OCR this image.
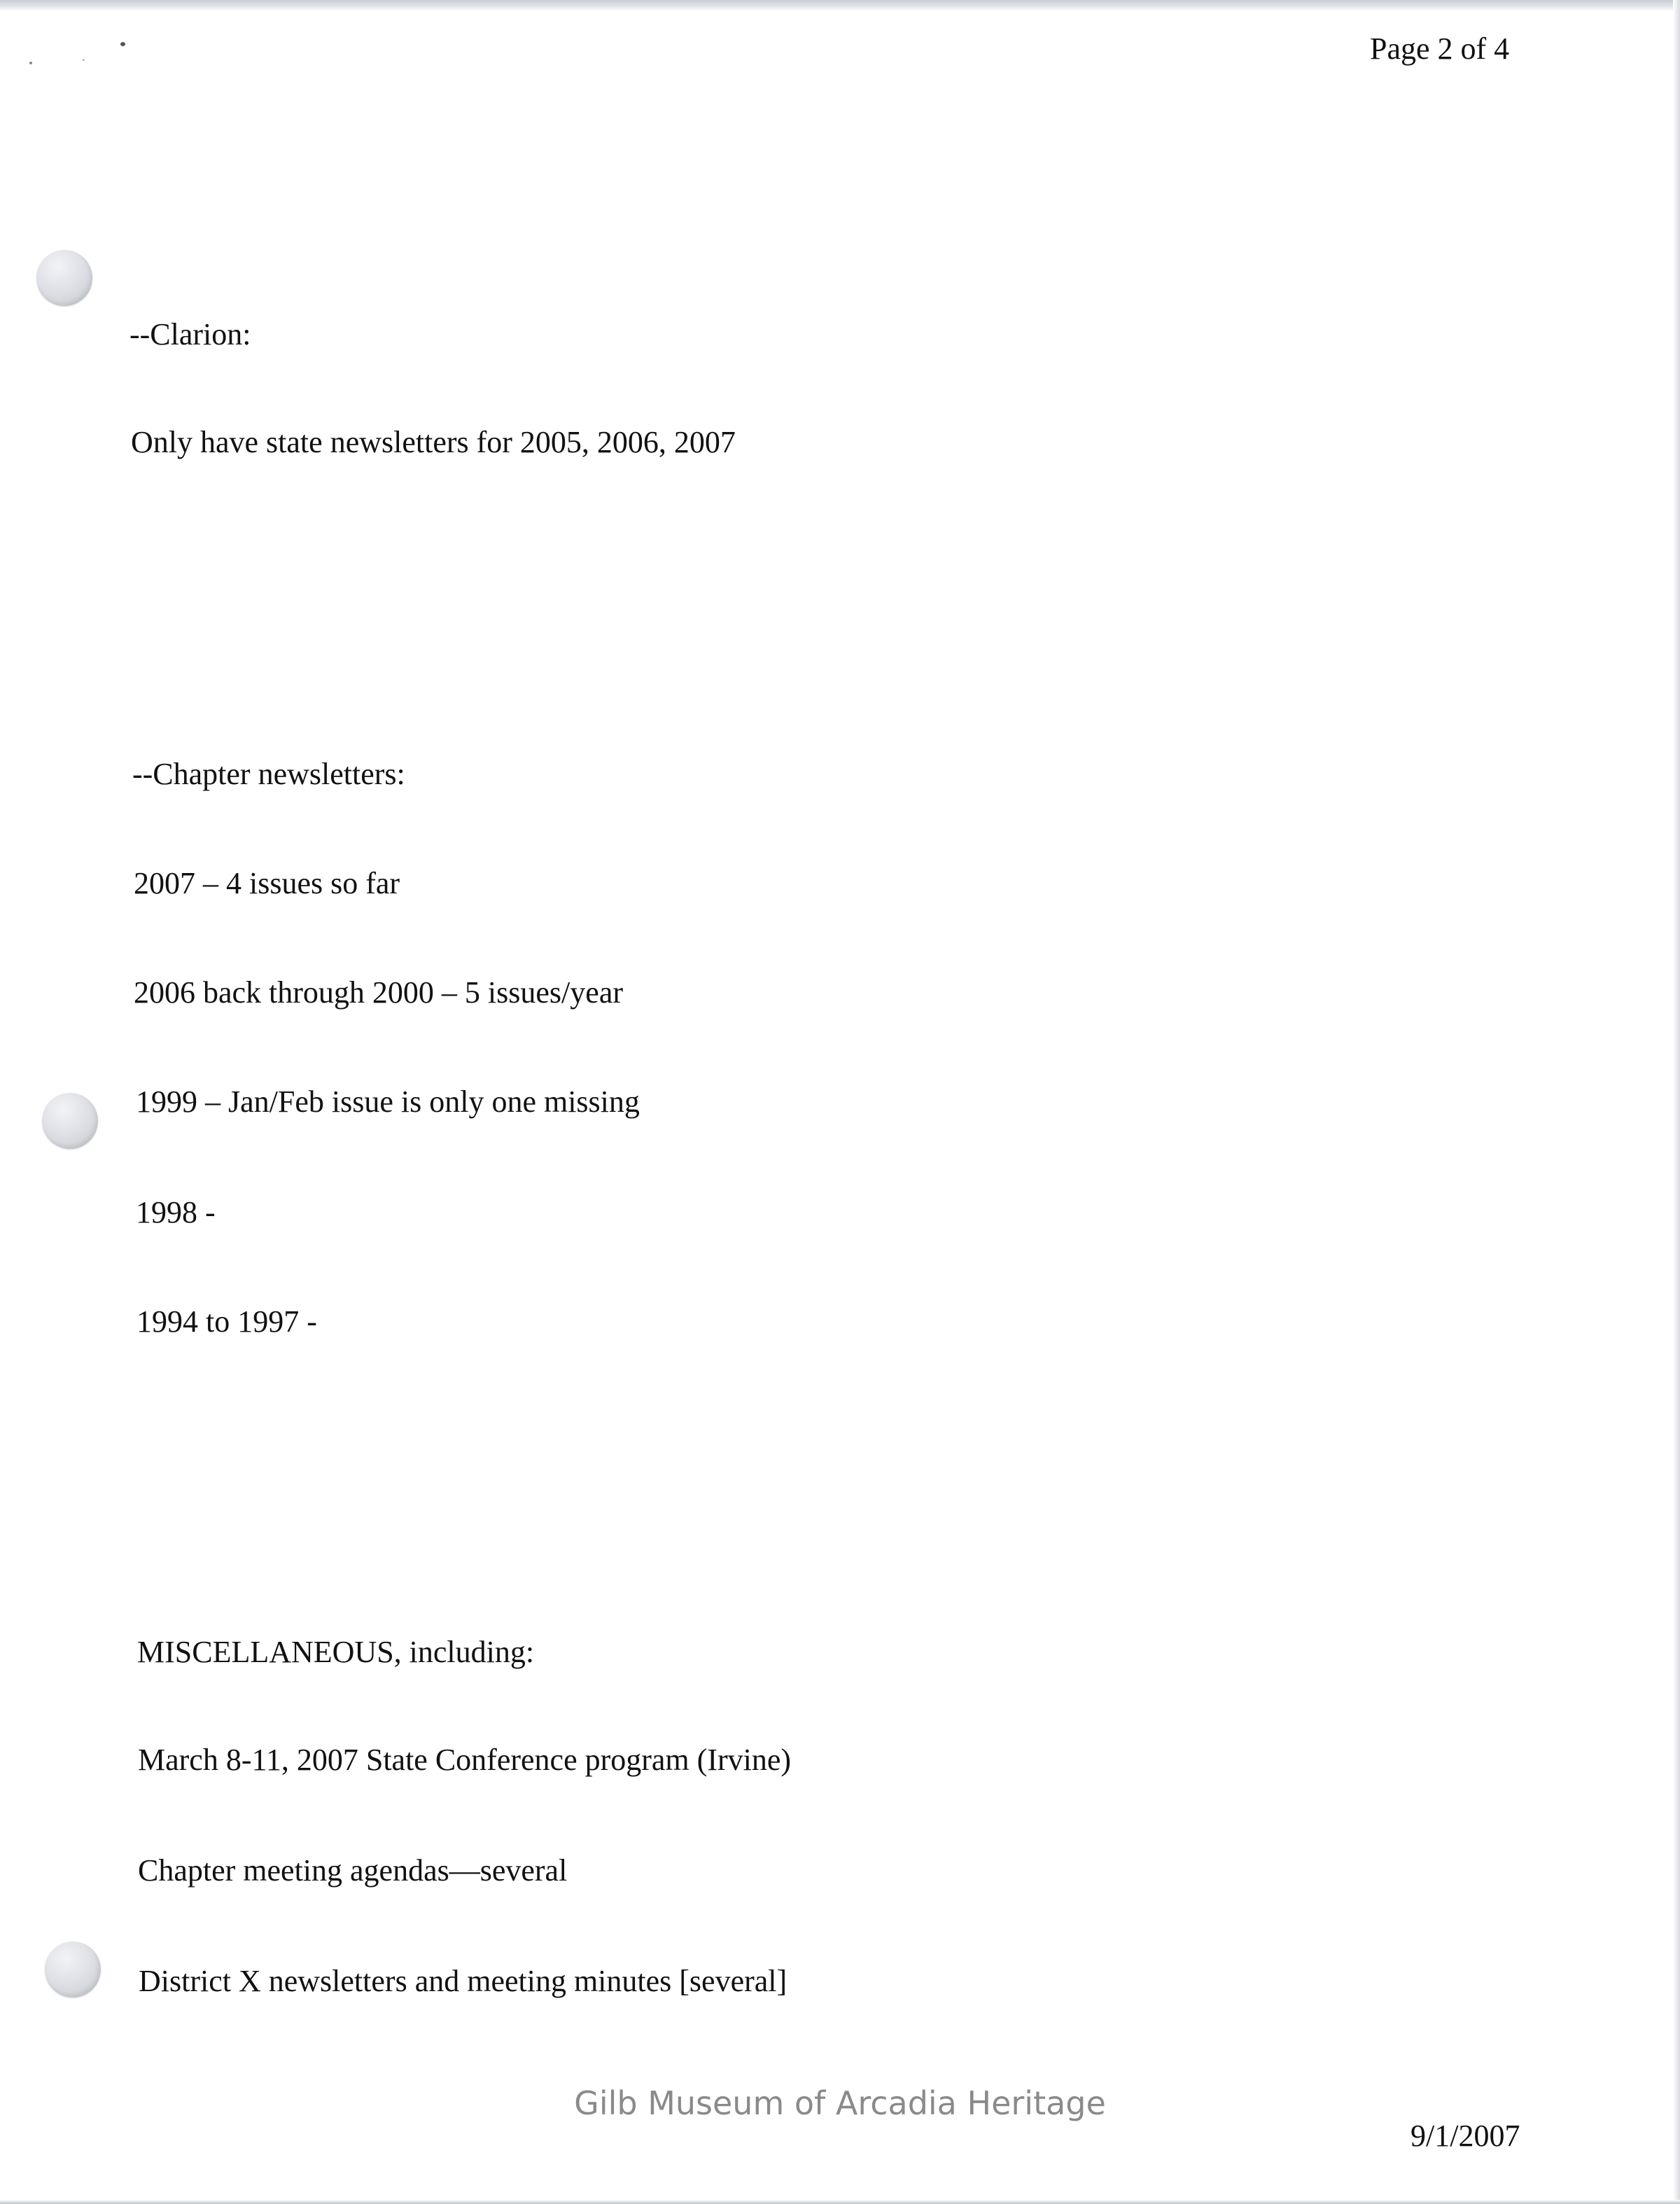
Page 2 of 4
--Clarion:
Only have state newsletters for 2005, 2006, 2007
--Chapter newsletters:
2007 – 4 issues so far
2006 back through 2000 – 5 issues/year
1999 – Jan/Feb issue is only one missing
1998 -
1994 to 1997 -
MISCELLANEOUS, including:
March 8-11, 2007 State Conference program (Irvine)
Chapter meeting agendas—several
District X newsletters and meeting minutes [several]
Gilb Museum of Arcadia Heritage
9/1/2007
